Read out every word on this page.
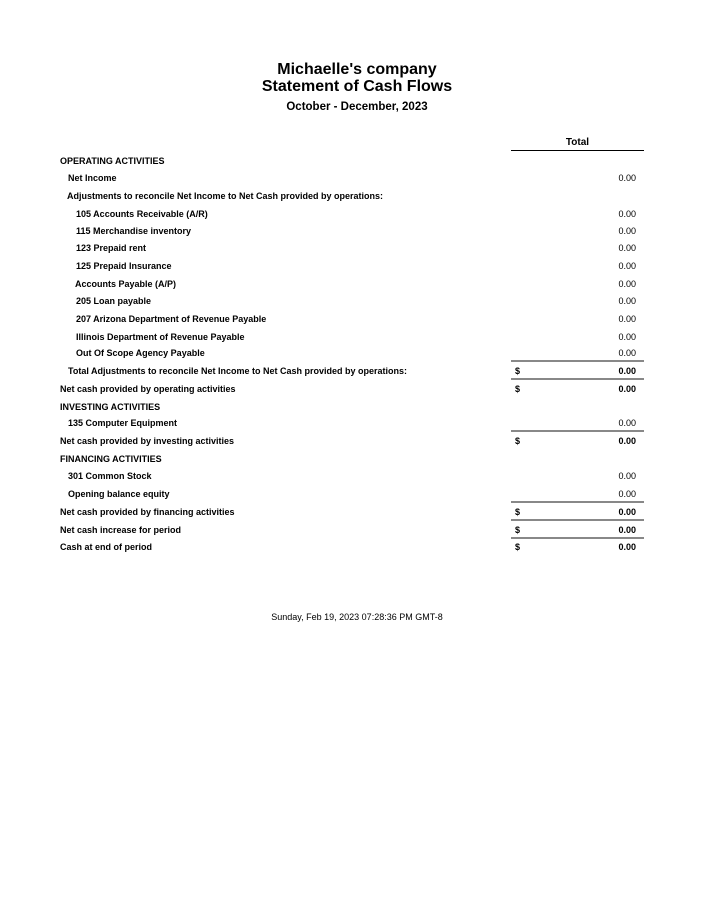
Michaelle's company
Statement of Cash Flows
October - December, 2023
Total
OPERATING ACTIVITIES
Net Income	0.00
Adjustments to reconcile Net Income to Net Cash provided by operations:
105 Accounts Receivable (A/R)	0.00
115 Merchandise inventory	0.00
123 Prepaid rent	0.00
125 Prepaid Insurance	0.00
Accounts Payable (A/P)	0.00
205 Loan payable	0.00
207 Arizona Department of Revenue Payable	0.00
Illinois Department of Revenue Payable	0.00
Out Of Scope Agency Payable	0.00
Total Adjustments to reconcile Net Income to Net Cash provided by operations:	$	0.00
Net cash provided by operating activities	$	0.00
INVESTING ACTIVITIES
135 Computer Equipment	0.00
Net cash provided by investing activities	$	0.00
FINANCING ACTIVITIES
301 Common Stock	0.00
Opening balance equity	0.00
Net cash provided by financing activities	$	0.00
Net cash increase for period	$	0.00
Cash at end of period	$	0.00
Sunday, Feb 19, 2023 07:28:36 PM GMT-8
